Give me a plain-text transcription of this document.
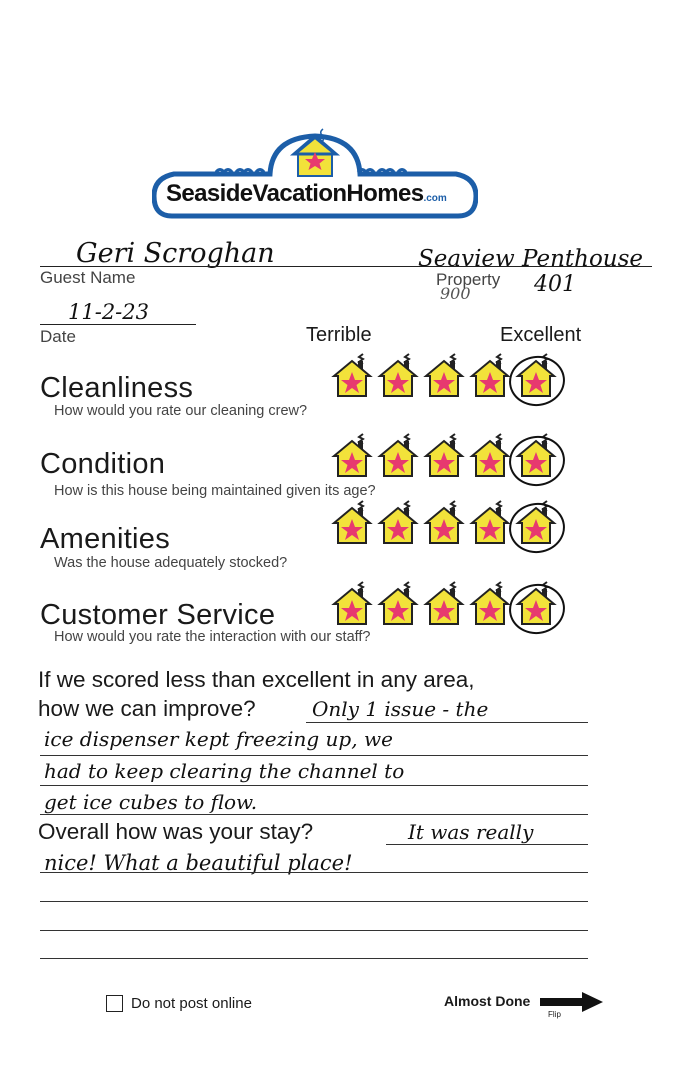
SeasideVacationHomes.com
Geri Scroghan
Guest Name
Seaview Penthouse
Property 401
900
11-2-23
Date	Terrible	Excellent
Cleanliness
How would you rate our cleaning crew?
Condition
How is this house being maintained given its age?
Amenities
Was the house adequately stocked?
Customer Service
How would you rate the interaction with our staff?
If we scored less than excellent in any area,
how we can improve?	Only 1 issue - the
ice dispenser kept freezing up, we
had to keep clearing the channel to
get ice cubes to flow.
Overall how was your stay?	It was really
nice! What a beautiful place!
Do not post online	Almost Done
Flip
